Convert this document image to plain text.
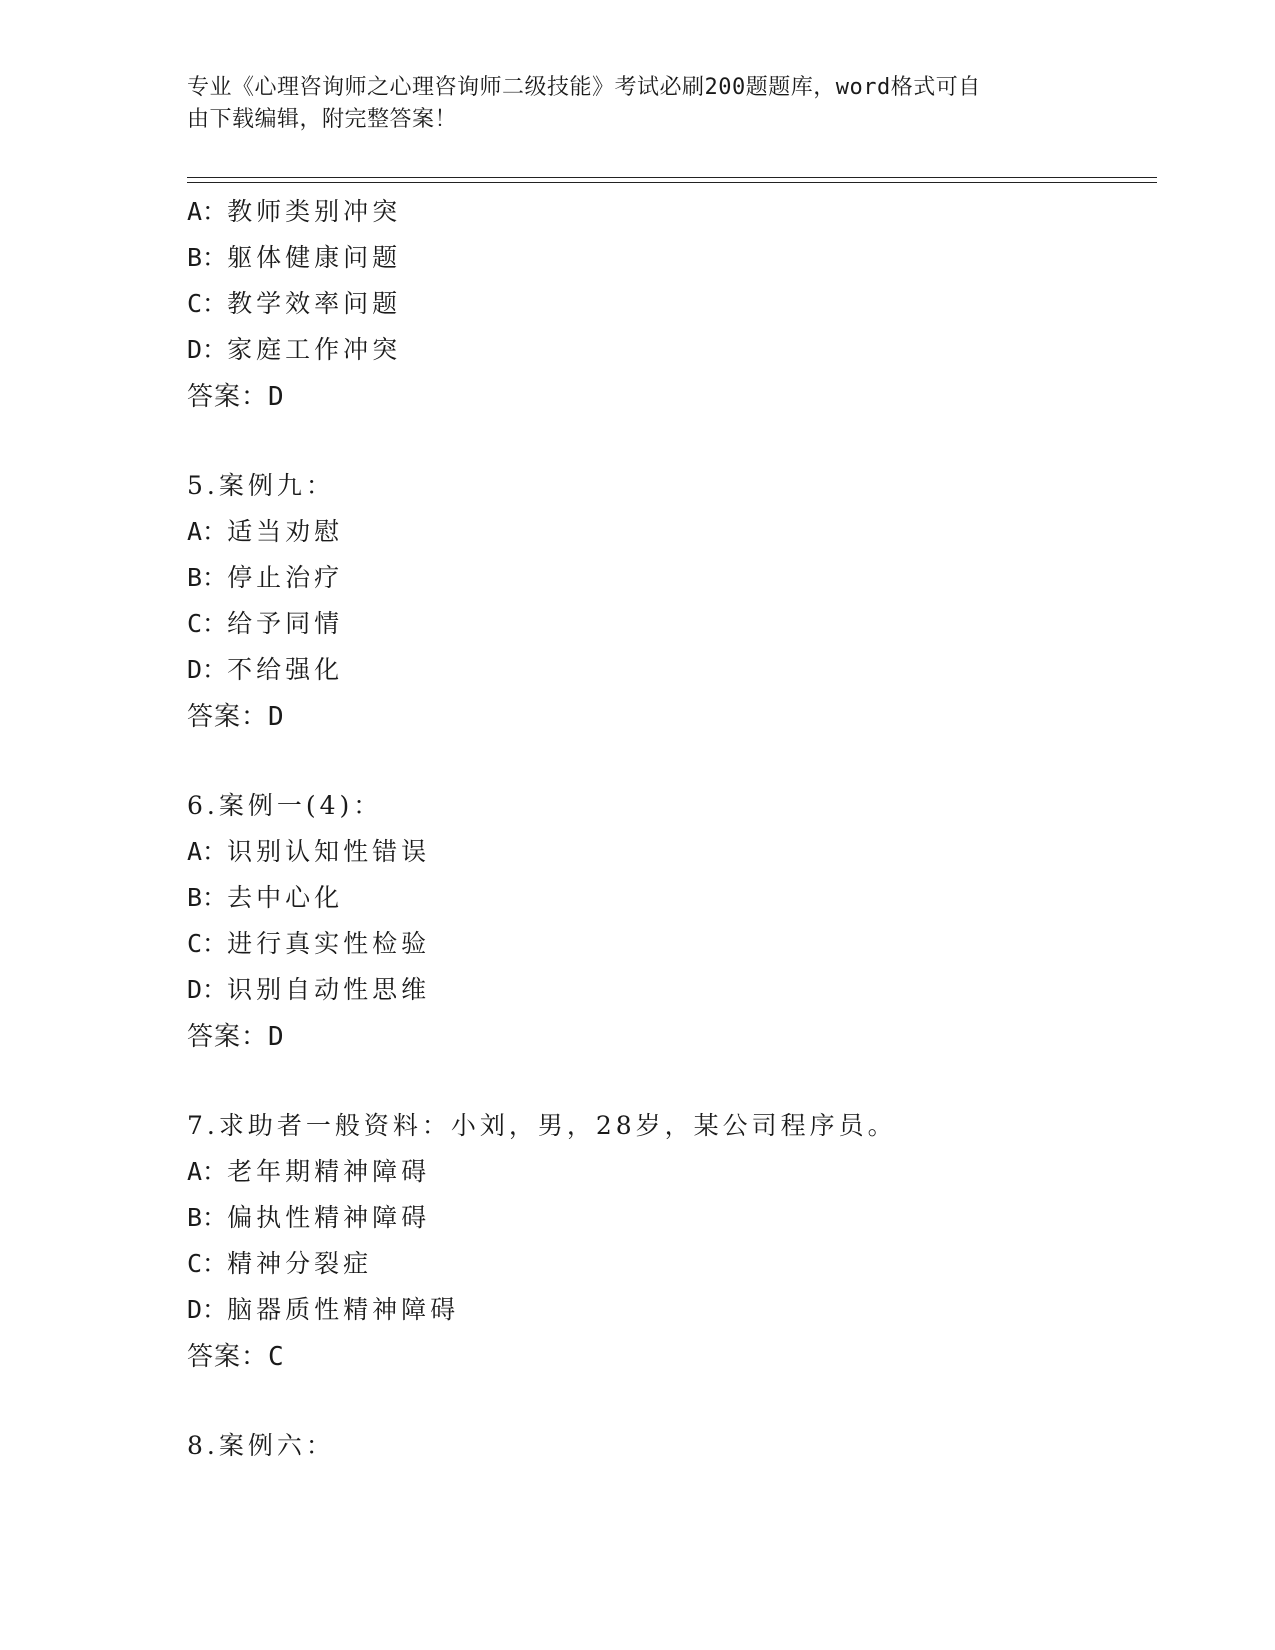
专业《心理咨询师之心理咨询师二级技能》考试必刷200题题库，word格式可自
由下载编辑，附完整答案！
A：教师类别冲突
B：躯体健康问题
C：教学效率问题
D：家庭工作冲突
答案：D
5.案例九：
A：适当劝慰
B：停止治疗
C：给予同情
D：不给强化
答案：D
6.案例一(4)：
A：识别认知性错误
B：去中心化
C：进行真实性检验
D：识别自动性思维
答案：D
7.求助者一般资料：小刘，男，28岁，某公司程序员。
A：老年期精神障碍
B：偏执性精神障碍
C：精神分裂症
D：脑器质性精神障碍
答案：C
8.案例六：
